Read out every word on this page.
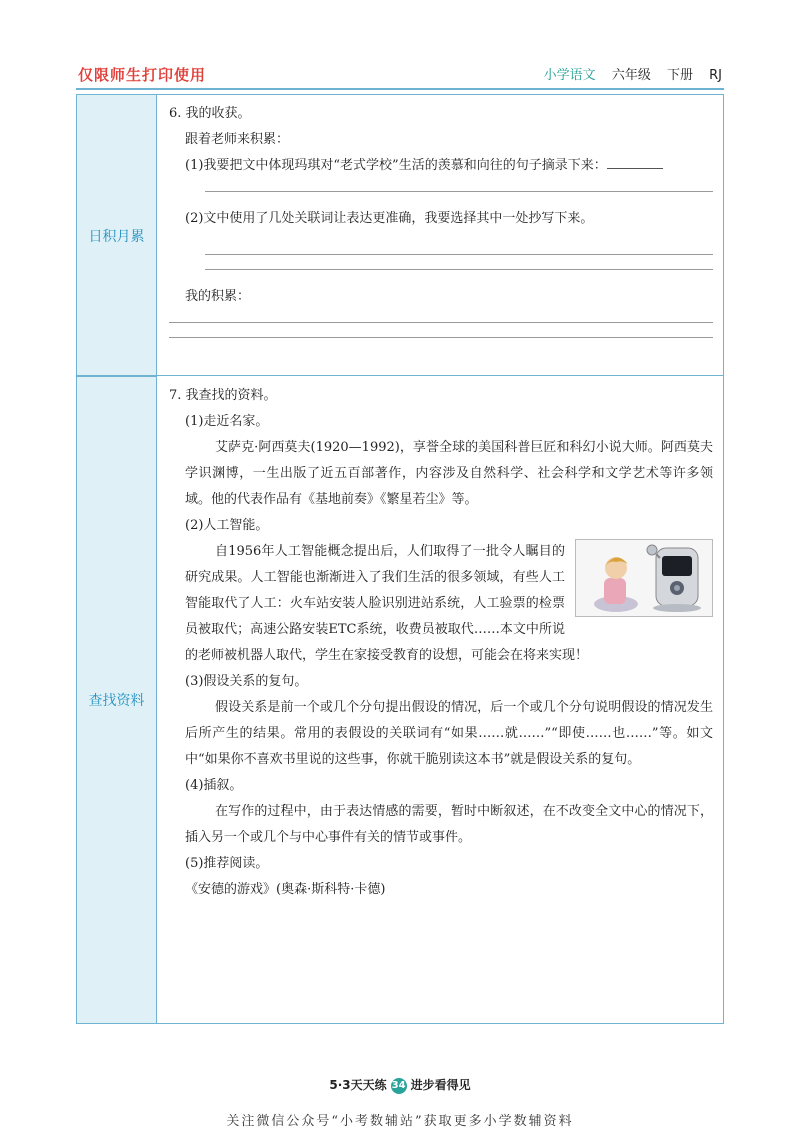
仅限师生打印使用	小学语文 六年级 下册 RJ
日积月累
查找资料
6. 我的收获。
跟着老师来积累：
(1)我要把文中体现玛琪对“老式学校”生活的羡慕和向往的句子摘录下来：
(2)文中使用了几处关联词让表达更准确，我要选择其中一处抄写下来。
我的积累：
7. 我查找的资料。
(1)走近名家。
艾萨克·阿西莫夫(1920—1992)，享誉全球的美国科普巨匠和科幻小说大师。阿西莫夫学识渊博，一生出版了近五百部著作，内容涉及自然科学、社会科学和文学艺术等许多领域。他的代表作品有《基地前奏》《繁星若尘》等。
(2)人工智能。
自1956年人工智能概念提出后，人们取得了一批令人瞩目的研究成果。人工智能也渐渐进入了我们生活的很多领域，有些人工智能取代了人工：火车站安装人脸识别进站系统，人工验票的检票员被取代；高速公路安装ETC系统，收费员被取代……本文中所说的老师被机器人取代，学生在家接受教育的设想，可能会在将来实现！
(3)假设关系的复句。
假设关系是前一个或几个分句提出假设的情况，后一个或几个分句说明假设的情况发生后所产生的结果。常用的表假设的关联词有“如果……就……”“即使……也……”等。如文中“如果你不喜欢书里说的这些事，你就干脆别读这本书”就是假设关系的复句。
(4)插叙。
在写作的过程中，由于表达情感的需要，暂时中断叙述，在不改变全文中心的情况下，插入另一个或几个与中心事件有关的情节或事件。
(5)推荐阅读。
《安德的游戏》(奥森·斯科特·卡德)
5·3天天练 34 进步看得见
关注微信公众号“小考数辅站”获取更多小学数辅资料
